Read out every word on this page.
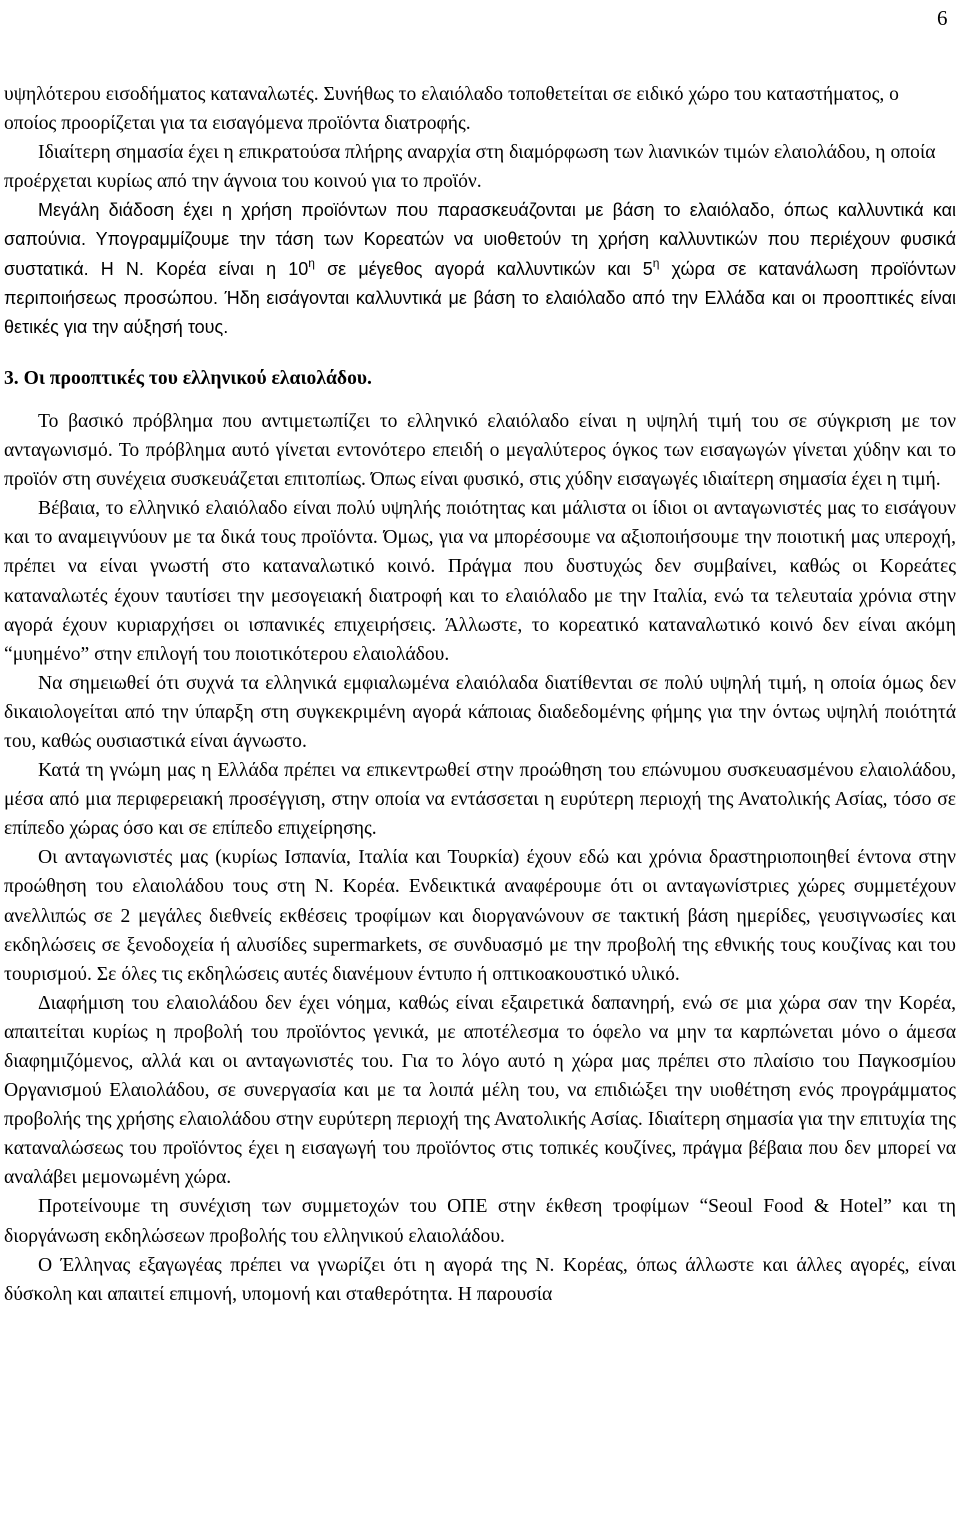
6

υψηλότερου εισοδήματος καταναλωτές. Συνήθως το ελαιόλαδο τοποθετείται σε ειδικό χώρο του καταστήματος, ο οποίος προορίζεται για τα εισαγόμενα προϊόντα διατροφής.

Ιδιαίτερη σημασία έχει η επικρατούσα πλήρης αναρχία στη διαμόρφωση των λιανικών τιμών ελαιολάδου, η οποία προέρχεται κυρίως από την άγνοια του κοινού για το προϊόν.

Μεγάλη διάδοση έχει η χρήση προϊόντων που παρασκευάζονται με βάση το ελαιόλαδο, όπως καλλυντικά και σαπούνια. Υπογραμμίζουμε την τάση των Κορεατών να υιοθετούν τη χρήση καλλυντικών που περιέχουν φυσικά συστατικά. Η Ν. Κορέα είναι η $10^\eta$ σε μέγεθος αγορά καλλυντικών και $5^\eta$ χώρα σε κατανάλωση προϊόντων περιποιήσεως προσώπου. Ήδη εισάγονται καλλυντικά με βάση το ελαιόλαδο από την Ελλάδα και οι προοπτικές είναι θετικές για την αύξησή τους.

3. Οι προοπτικές του ελληνικού ελαιολάδου.

Το βασικό πρόβλημα που αντιμετωπίζει το ελληνικό ελαιόλαδο είναι η υψηλή τιμή του σε σύγκριση με τον ανταγωνισμό. Το πρόβλημα αυτό γίνεται εντονότερο επειδή ο μεγαλύτερος όγκος των εισαγωγών γίνεται χύδην και το προϊόν στη συνέχεια συσκευάζεται επιτοπίως. Όπως είναι φυσικό, στις χύδην εισαγωγές ιδιαίτερη σημασία έχει η τιμή.

Βέβαια, το ελληνικό ελαιόλαδο είναι πολύ υψηλής ποιότητας και μάλιστα οι ίδιοι οι ανταγωνιστές μας το εισάγουν και το αναμειγνύουν με τα δικά τους προϊόντα. Όμως, για να μπορέσουμε να αξιοποιήσουμε την ποιοτική μας υπεροχή, πρέπει να είναι γνωστή στο καταναλωτικό κοινό. Πράγμα που δυστυχώς δεν συμβαίνει, καθώς οι Κορεάτες καταναλωτές έχουν ταυτίσει την μεσογειακή διατροφή και το ελαιόλαδο με την Ιταλία, ενώ τα τελευταία χρόνια στην αγορά έχουν κυριαρχήσει οι ισπανικές επιχειρήσεις. Άλλωστε, το κορεατικό καταναλωτικό κοινό δεν είναι ακόμη “μυημένο” στην επιλογή του ποιοτικότερου ελαιολάδου.

Να σημειωθεί ότι συχνά τα ελληνικά εμφιαλωμένα ελαιόλαδα διατίθενται σε πολύ υψηλή τιμή, η οποία όμως δεν δικαιολογείται από την ύπαρξη στη συγκεκριμένη αγορά κάποιας διαδεδομένης φήμης για την όντως υψηλή ποιότητά του, καθώς ουσιαστικά είναι άγνωστο.

Κατά τη γνώμη μας η Ελλάδα πρέπει να επικεντρωθεί στην προώθηση του επώνυμου συσκευασμένου ελαιολάδου, μέσα από μια περιφερειακή προσέγγιση, στην οποία να εντάσσεται η ευρύτερη περιοχή της Ανατολικής Ασίας, τόσο σε επίπεδο χώρας όσο και σε επίπεδο επιχείρησης.

Οι ανταγωνιστές μας (κυρίως Ισπανία, Ιταλία και Τουρκία) έχουν εδώ και χρόνια δραστηριοποιηθεί έντονα στην προώθηση του ελαιολάδου τους στη Ν. Κορέα. Ενδεικτικά αναφέρουμε ότι οι ανταγωνίστριες χώρες συμμετέχουν ανελλιπώς σε 2 μεγάλες διεθνείς εκθέσεις τροφίμων και διοργανώνουν σε τακτική βάση ημερίδες, γευσιγνωσίες και εκδηλώσεις σε ξενοδοχεία ή αλυσίδες supermarkets, σε συνδυασμό με την προβολή της εθνικής τους κουζίνας και του τουρισμού. Σε όλες τις εκδηλώσεις αυτές διανέμουν έντυπο ή οπτικοακουστικό υλικό.

Διαφήμιση του ελαιολάδου δεν έχει νόημα, καθώς είναι εξαιρετικά δαπανηρή, ενώ σε μια χώρα σαν την Κορέα, απαιτείται κυρίως η προβολή του προϊόντος γενικά, με αποτέλεσμα το όφελο να μην τα καρπώνεται μόνο ο άμεσα διαφημιζόμενος, αλλά και οι ανταγωνιστές του. Για το λόγο αυτό η χώρα μας πρέπει στο πλαίσιο του Παγκοσμίου Οργανισμού Ελαιολάδου, σε συνεργασία και με τα λοιπά μέλη του, να επιδιώξει την υιοθέτηση ενός προγράμματος προβολής της χρήσης ελαιολάδου στην ευρύτερη περιοχή της Ανατολικής Ασίας. Ιδιαίτερη σημασία για την επιτυχία της καταναλώσεως του προϊόντος έχει η εισαγωγή του προϊόντος στις τοπικές κουζίνες, πράγμα βέβαια που δεν μπορεί να αναλάβει μεμονωμένη χώρα.

Προτείνουμε τη συνέχιση των συμμετοχών του ΟΠΕ στην έκθεση τροφίμων “Seoul Food & Hotel” και τη διοργάνωση εκδηλώσεων προβολής του ελληνικού ελαιολάδου.

Ο Έλληνας εξαγωγέας πρέπει να γνωρίζει ότι η αγορά της Ν. Κορέας, όπως άλλωστε και άλλες αγορές, είναι δύσκολη και απαιτεί επιμονή, υπομονή και σταθερότητα. Η παρουσία
